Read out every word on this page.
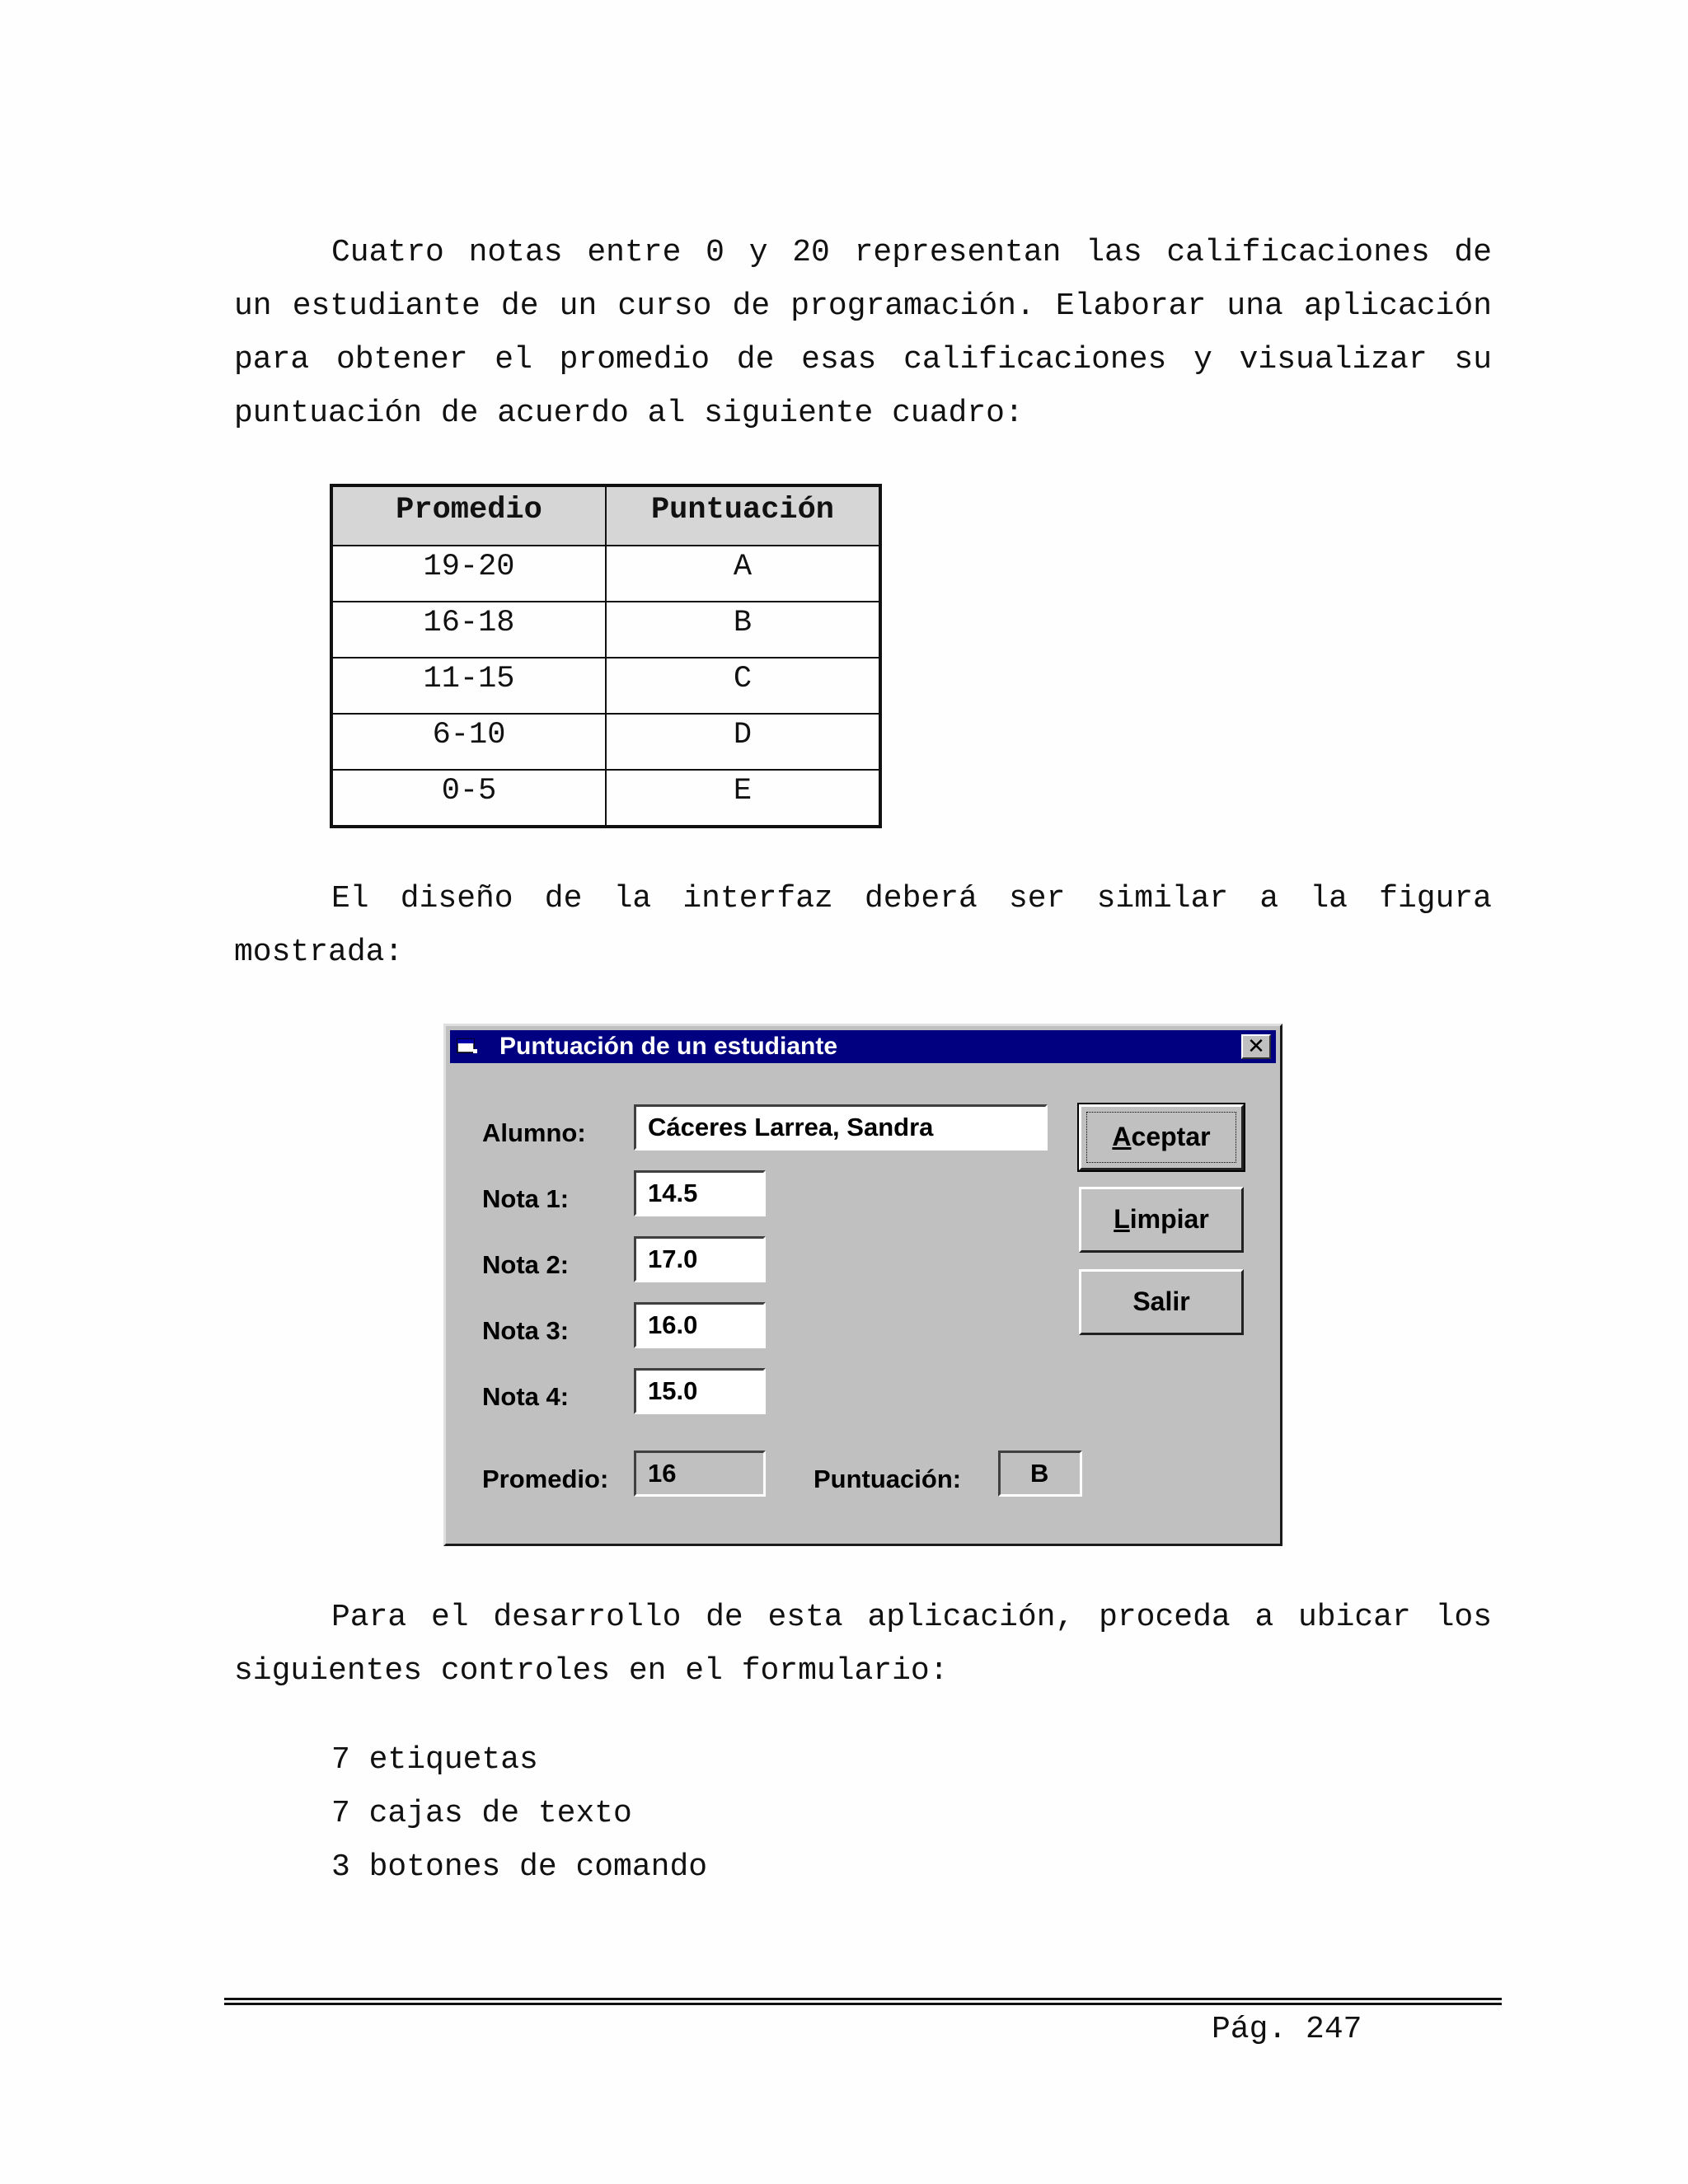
Cuatro notas entre 0 y 20 representan las calificaciones de un estudiante de un curso de programación. Elaborar una aplicación para obtener el promedio de esas calificaciones y visualizar su puntuación de acuerdo al siguiente cuadro:

Promedio	Puntuación
19-20	A
16-18	B
11-15	C
6-10	D
0-5	E

El diseño de la interfaz deberá ser similar a la figura mostrada:

Puntuación de un estudiante	✕
Alumno:	Cáceres Larrea, Sandra
Nota 1:	14.5
Nota 2:	17.0
Nota 3:	16.0
Nota 4:	15.0
Promedio:	16	Puntuación:	B
Aceptar
Limpiar
Salir

Para el desarrollo de esta aplicación, proceda a ubicar los siguientes controles en el formulario:

7 etiquetas

7 cajas de texto

3 botones de comando

Pág. 247
